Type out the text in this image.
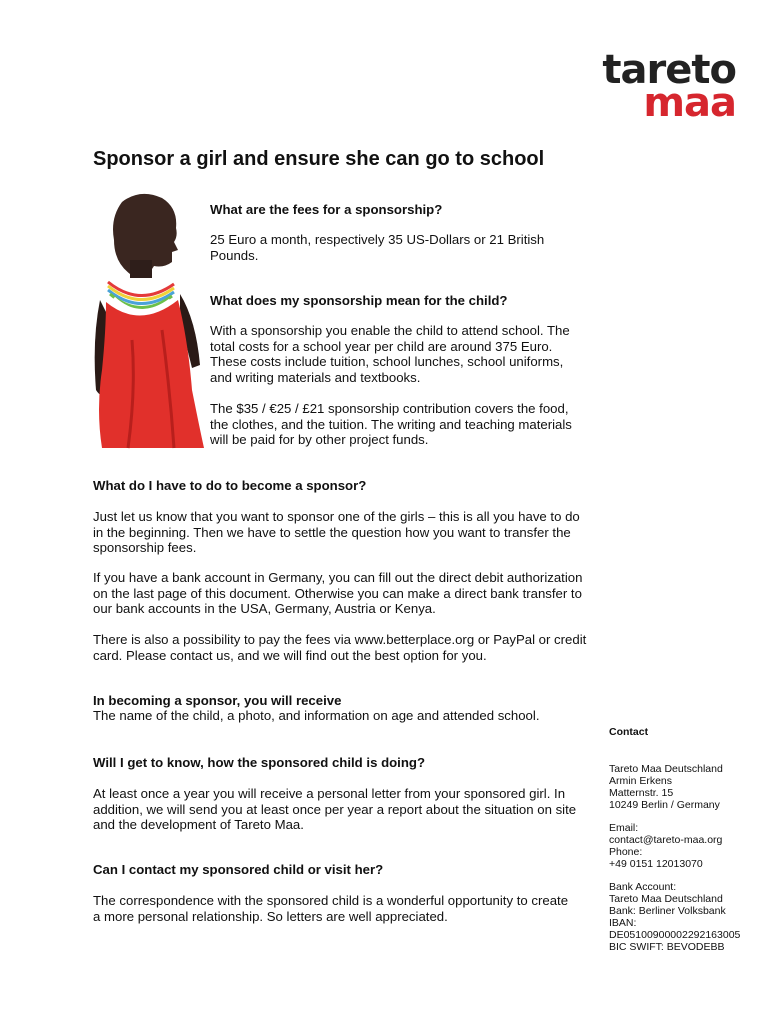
tareto
maa
Sponsor a girl and ensure she can go to school
What are the fees for a sponsorship?
25 Euro a month, respectively 35 US-Dollars or 21 British Pounds.
What does my sponsorship mean for the child?
With a sponsorship you enable the child to attend school. The total costs for a school year per child are around 375 Euro. These costs include tuition, school lunches, school uniforms, and writing materials and textbooks.
The $35 / €25 / £21 sponsorship contribution covers the food, the clothes, and the tuition. The writing and teaching materials will be paid for by other project funds.
What do I have to do to become a sponsor?
Just let us know that you want to sponsor one of the girls – this is all you have to do in the beginning. Then we have to settle the question how you want to transfer the sponsorship fees.
If you have a bank account in Germany, you can fill out the direct debit authorization on the last page of this document. Otherwise you can make a direct bank transfer to our bank accounts in the USA, Germany, Austria or Kenya.
There is also a possibility to pay the fees via www.betterplace.org or PayPal or credit card. Please contact us, and we will find out the best option for you.
In becoming a sponsor, you will receive
The name of the child, a photo, and information on age and attended school.
Will I get to know, how the sponsored child is doing?
At least once a year you will receive a personal letter from your sponsored girl. In addition, we will send you at least once per year a report about the situation on site and the development of Tareto Maa.
Can I contact my sponsored child or visit her?
The correspondence with the sponsored child is a wonderful opportunity to create a more personal relationship. So letters are well appreciated.
Contact
Tareto Maa Deutschland
Armin Erkens
Matternstr. 15
10249 Berlin / Germany
Email:
contact@tareto-maa.org
Phone:
+49 0151 12013070
Bank Account:
Tareto Maa Deutschland
Bank: Berliner Volksbank
IBAN:
DE05100900002292163005
BIC SWIFT: BEVODEBB
